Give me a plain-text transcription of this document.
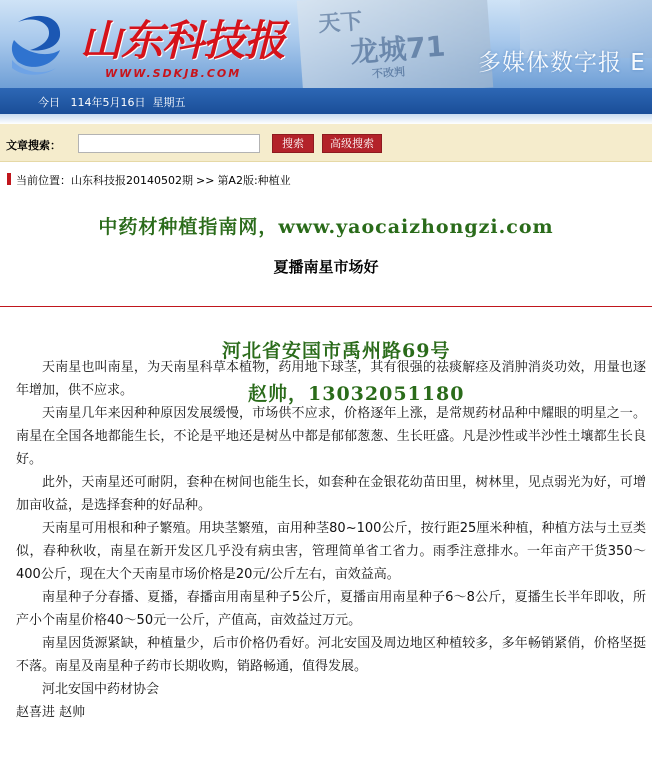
天下
龙城71
不改判
山东科技报
WWW.SDKJB.COM	多媒体数字报 E
今日 114年5月16日 星期五
文章搜索：	搜索	高级搜索
当前位置：山东科技报20140502期 >> 第A2版:种植业
中药材种植指南网，www.yaocaizhongzi.com
夏播南星市场好

天南星也叫南星，为天南星科草本植物，药用地下球茎，其有很强的祛痰解痉及消肿消炎功效，用量也逐年增加，供不应求。

天南星几年来因种种原因发展缓慢，市场供不应求，价格逐年上涨，是常规药材品种中耀眼的明星之一。南星在全国各地都能生长，不论是平地还是树丛中都是郁郁葱葱、生长旺盛。凡是沙性或半沙性土壤都生长良好。

此外，天南星还可耐阴，套种在树间也能生长，如套种在金银花幼苗田里，树林里，见点弱光为好，可增加亩收益，是选择套种的好品种。

天南星可用根和种子繁殖。用块茎繁殖，亩用种茎80~100公斤，按行距25厘米种植，种植方法与土豆类似，春种秋收，南星在新开发区几乎没有病虫害，管理简单省工省力。雨季注意排水。一年亩产干货350～400公斤，现在大个天南星市场价格是20元/公斤左右，亩效益高。

南星种子分春播、夏播，春播亩用南星种子5公斤，夏播亩用南星种子6～8公斤，夏播生长半年即收，所产小个南星价格40～50元一公斤，产值高，亩效益过万元。

南星因货源紧缺，种植量少，后市价格仍看好。河北安国及周边地区种植较多，多年畅销紧俏，价格坚挺不落。南星及南星种子药市长期收购，销路畅通，值得发展。

河北安国中药材协会

赵喜进 赵帅

河北省安国市禹州路69号
赵帅，13032051180
